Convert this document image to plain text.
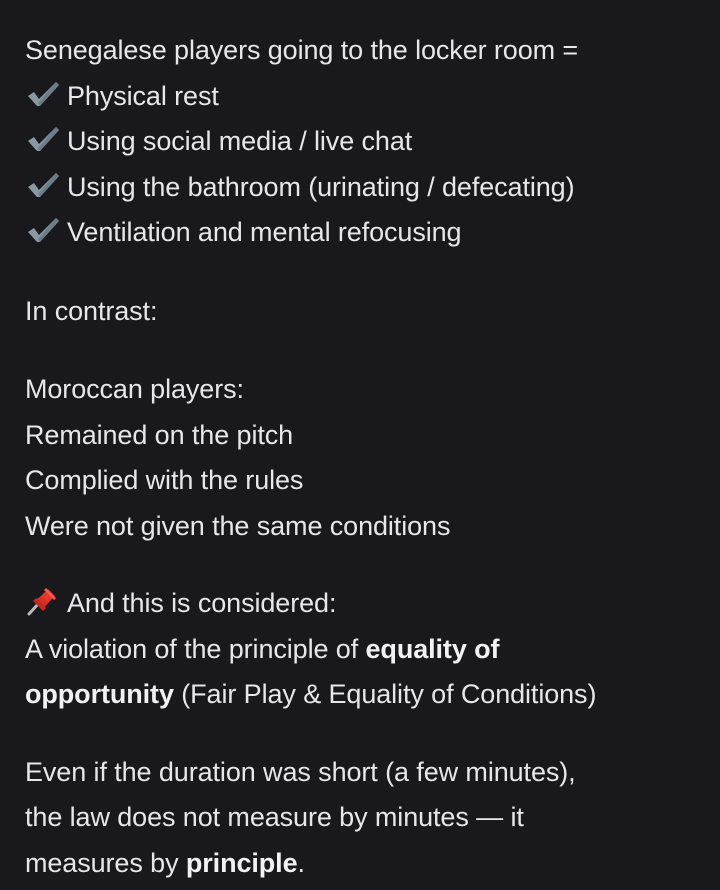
Senegalese players going to the locker room =
Physical rest
Using social media / live chat
Using the bathroom (urinating / defecating)
Ventilation and mental refocusing
In contrast:
Moroccan players:
Remained on the pitch
Complied with the rules
Were not given the same conditions
And this is considered:
A violation of the principle of equality of
opportunity (Fair Play & Equality of Conditions)
Even if the duration was short (a few minutes),
the law does not measure by minutes — it
measures by principle.
